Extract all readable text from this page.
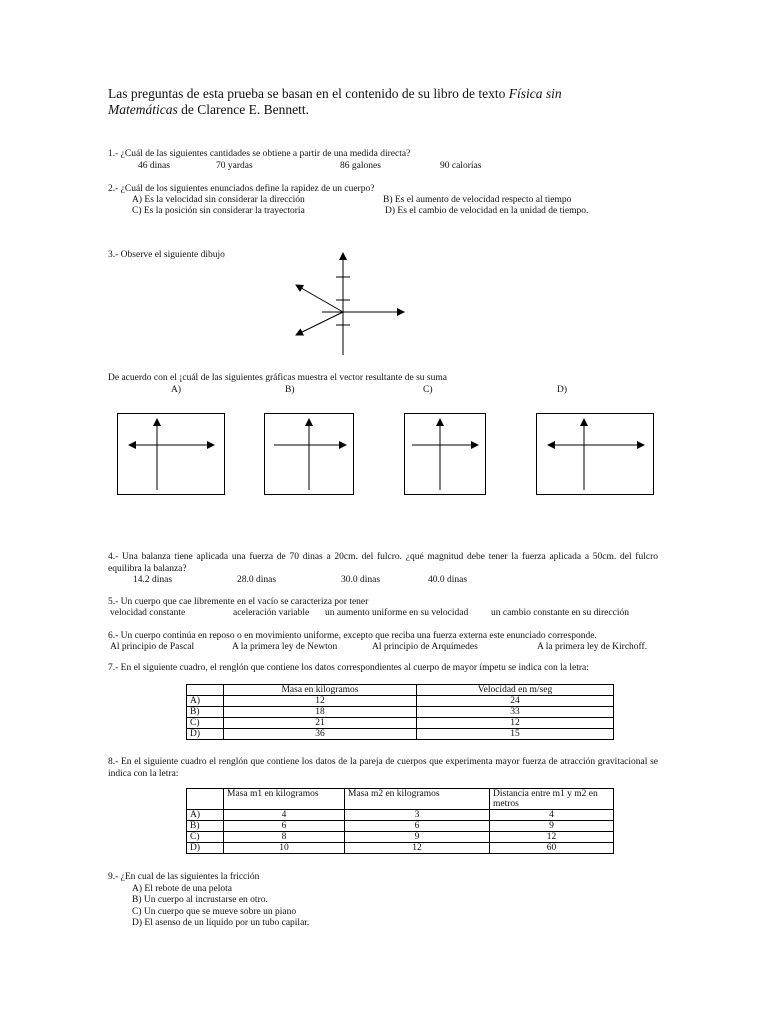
Las preguntas de esta prueba se basan en el contenido de su libro de texto Física sin Matemáticas de Clarence E. Bennett.
1.- ¿Cuál de las siguientes cantidades se obtiene a partir de una medida directa?
46 dinas	70 yardas	86 galones	90 calorías
2.- ¿Cuál de los siguientes enunciados define la rapidez de un cuerpo?
A) Es la velocidad sin considerar la dirección	B) Es el aumento de velocidad respecto al tiempo
C) Es la posición sin considerar la trayectoria	D) Es el cambio de velocidad en la unidad de tiempo.
3.- Observe el siguiente dibujo
De acuerdo con el ¡cuál de las siguientes gráficas muestra el vector resultante de su suma
A)	B)	C)	D)
4.- Una balanza tiene aplicada una fuerza de 70 dinas a 20cm. del fulcro. ¿qué magnitud debe tener la fuerza aplicada a 50cm. del fulcro equilibra la balanza?
14.2 dinas	28.0 dinas	30.0 dinas	40.0 dinas
5.- Un cuerpo que cae libremente en el vacío se caracteriza por tener
velocidad constante	aceleración variable un aumento uniforme en su velocidad un cambio constante en su dirección
6.- Un cuerpo continúa en reposo o en movimiento uniforme, excepto que reciba una fuerza externa este enunciado corresponde.
Al principio de Pascal	A la primera ley de Newton	Al principio de Arquímedes	A la primera ley de Kirchoff.
7.- En el siguiente cuadro, el renglón que contiene los datos correspondientes al cuerpo de mayor ímpetu se indica con la letra:
	Masa en kilogramos	Velocidad en m/seg
A)	12	24
B)	18	33
C)	21	12
D)	36	15
8.- En el siguiente cuadro el renglón que contiene los datos de la pareja de cuerpos que experimenta mayor fuerza de atracción gravitacional se indica con la letra:
	Masa m1 en kilogramos	Masa m2 en kilogramos	Distancia entre m1 y m2 en metros
A)	4	3	4
B)	6	6	9
C)	8	9	12
D)	10	12	60
9.- ¿En cual de las siguientes la fricción
A) El rebote de una pelota
B) Un cuerpo al incrustarse en otro.
C) Un cuerpo que se mueve sobre un piano
D) El asenso de un líquido por un tubo capilar.
